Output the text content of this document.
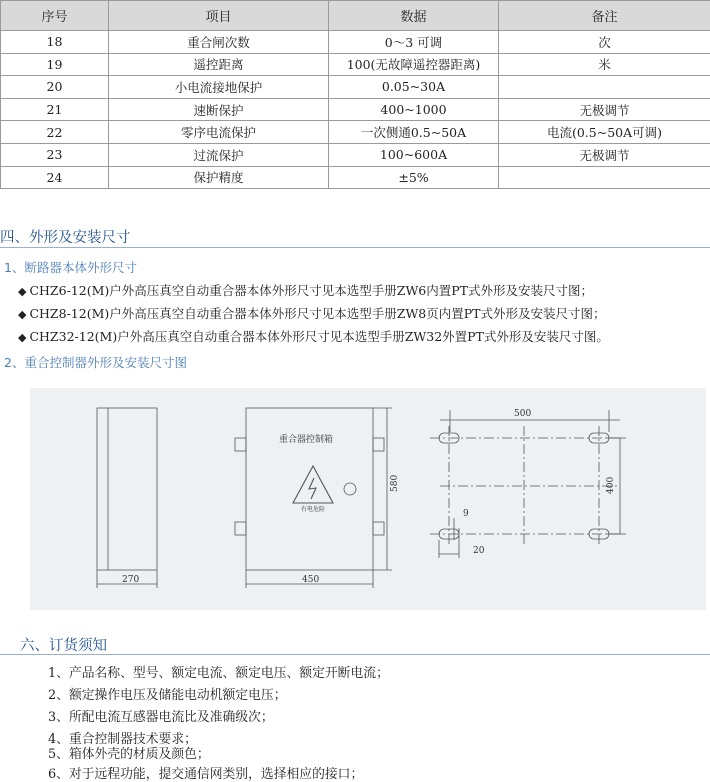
序号	项目	数据	备注
18	重合闸次数	0～3 可调	次
19	遥控距离	100(无故障遥控器距离)	米
20	小电流接地保护	0.05~30A	
21	速断保护	400~1000	无极调节
22	零序电流保护	一次侧通0.5~50A	电流(0.5~50A可调)
23	过流保护	100~600A	无极调节
24	保护精度	±5%	
四、外形及安装尺寸
1、断路器本体外形尺寸
◆ CHZ6-12(M)户外高压真空自动重合器本体外形尺寸见本选型手册ZW6内置PT式外形及安装尺寸图；
◆ CHZ8-12(M)户外高压真空自动重合器本体外形尺寸见本选型手册ZW8页内置PT式外形及安装尺寸图；
◆ CHZ32-12(M)户外高压真空自动重合器本体外形尺寸见本选型手册ZW32外置PT式外形及安装尺寸图。
2、重合控制器外形及安装尺寸图
270	450
580
500
400
9
20
重合器控制箱
有电危险
六、订货须知
1、产品名称、型号、额定电流、额定电压、额定开断电流；
2、额定操作电压及储能电动机额定电压；
3、所配电流互感器电流比及准确级次；
4、重合控制器技术要求；
5、箱体外壳的材质及颜色；
6、对于远程功能，提交通信网类别，选择相应的接口；
